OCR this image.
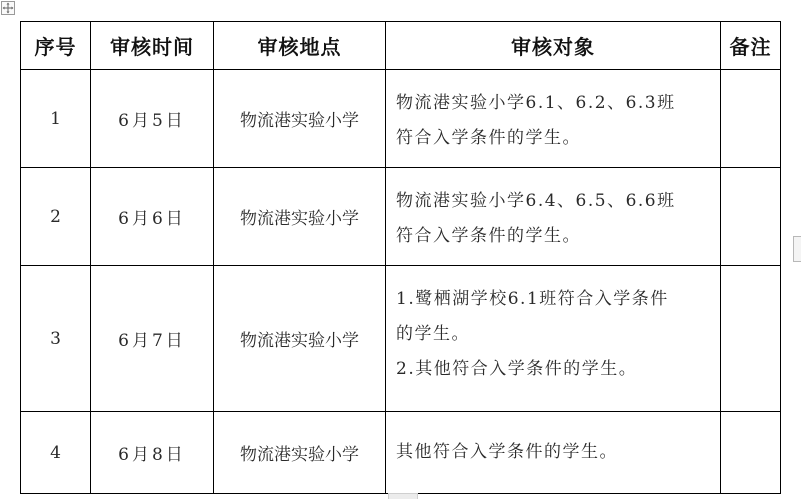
序号	审核时间	审核地点	审核对象	备注
1	6月5日	物流港实验小学	物流港实验小学6.1、6.2、6.3班
符合入学条件的学生。	

2	6月6日	物流港实验小学	物流港实验小学6.4、6.5、6.6班
符合入学条件的学生。	

3	6月7日	物流港实验小学	1.鹭栖湖学校6.1班符合入学条件
的学生。
2.其他符合入学条件的学生。	

4	6月8日	物流港实验小学	其他符合入学条件的学生。	
